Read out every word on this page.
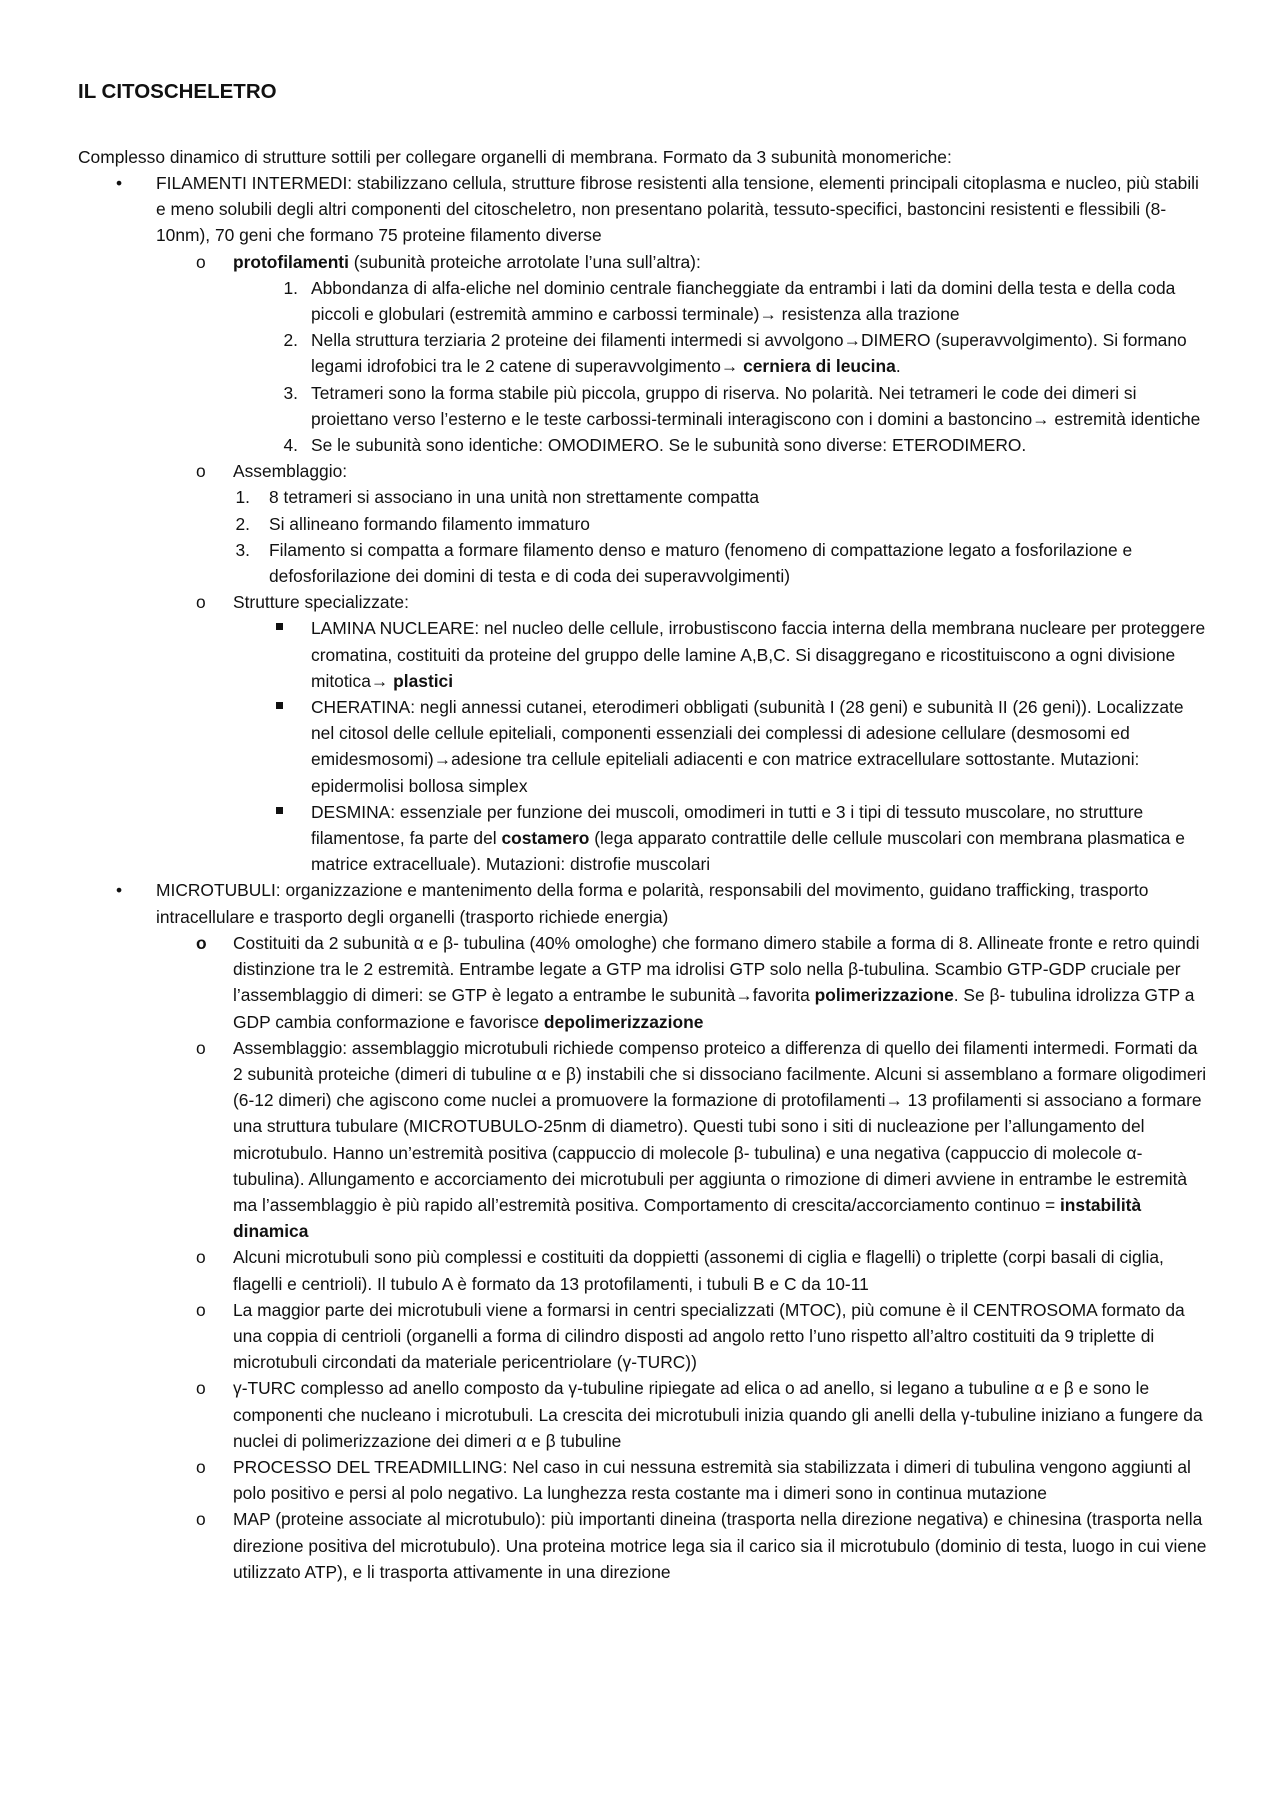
IL CITOSCHELETRO

Complesso dinamico di strutture sottili per collegare organelli di membrana. Formato da 3 subunità monomeriche:

• FILAMENTI INTERMEDI: stabilizzano cellula, strutture fibrose resistenti alla tensione, elementi principali citoplasma e nucleo, più stabili e meno solubili degli altri componenti del citoscheletro, non presentano polarità, tessuto-specifici, bastoncini resistenti e flessibili (8-10nm), 70 geni che formano 75 proteine filamento diverse

o protofilamenti (subunità proteiche arrotolate l’una sull’altra):

1. Abbondanza di alfa-eliche nel dominio centrale fiancheggiate da entrambi i lati da domini della testa e della coda piccoli e globulari (estremità ammino e carbossi terminale)→ resistenza alla trazione

2. Nella struttura terziaria 2 proteine dei filamenti intermedi si avvolgono→DIMERO (superavvolgimento). Si formano legami idrofobici tra le 2 catene di superavvolgimento→ cerniera di leucina.

3. Tetrameri sono la forma stabile più piccola, gruppo di riserva. No polarità. Nei tetrameri le code dei dimeri si proiettano verso l’esterno e le teste carbossi-terminali interagiscono con i domini a bastoncino→ estremità identiche

4. Se le subunità sono identiche: OMODIMERO. Se le subunità sono diverse: ETERODIMERO.

o Assemblaggio:

1. 8 tetrameri si associano in una unità non strettamente compatta

2. Si allineano formando filamento immaturo

3. Filamento si compatta a formare filamento denso e maturo (fenomeno di compattazione legato a fosforilazione e defosforilazione dei domini di testa e di coda dei superavvolgimenti)

o Strutture specializzate:

LAMINA NUCLEARE: nel nucleo delle cellule, irrobustiscono faccia interna della membrana nucleare per proteggere cromatina, costituiti da proteine del gruppo delle lamine A,B,C. Si disaggregano e ricostituiscono a ogni divisione mitotica→ plastici

CHERATINA: negli annessi cutanei, eterodimeri obbligati (subunità I (28 geni) e subunità II (26 geni)). Localizzate nel citosol delle cellule epiteliali, componenti essenziali dei complessi di adesione cellulare (desmosomi ed emidesmosomi)→adesione tra cellule epiteliali adiacenti e con matrice extracellulare sottostante. Mutazioni: epidermolisi bollosa simplex

DESMINA: essenziale per funzione dei muscoli, omodimeri in tutti e 3 i tipi di tessuto muscolare, no strutture filamentose, fa parte del costamero (lega apparato contrattile delle cellule muscolari con membrana plasmatica e matrice extracelluale). Mutazioni: distrofie muscolari

• MICROTUBULI: organizzazione e mantenimento della forma e polarità, responsabili del movimento, guidano trafficking, trasporto intracellulare e trasporto degli organelli (trasporto richiede energia)

o Costituiti da 2 subunità α e β- tubulina (40% omologhe) che formano dimero stabile a forma di 8. Allineate fronte e retro quindi distinzione tra le 2 estremità. Entrambe legate a GTP ma idrolisi GTP solo nella β-tubulina. Scambio GTP-GDP cruciale per l’assemblaggio di dimeri: se GTP è legato a entrambe le subunità→favorita polimerizzazione. Se β- tubulina idrolizza GTP a GDP cambia conformazione e favorisce depolimerizzazione

o Assemblaggio: assemblaggio microtubuli richiede compenso proteico a differenza di quello dei filamenti intermedi. Formati da 2 subunità proteiche (dimeri di tubuline α e β) instabili che si dissociano facilmente. Alcuni si assemblano a formare oligodimeri (6-12 dimeri) che agiscono come nuclei a promuovere la formazione di protofilamenti→ 13 profilamenti si associano a formare una struttura tubulare (MICROTUBULO-25nm di diametro). Questi tubi sono i siti di nucleazione per l’allungamento del microtubulo. Hanno un’estremità positiva (cappuccio di molecole β- tubulina) e una negativa (cappuccio di molecole α-tubulina). Allungamento e accorciamento dei microtubuli per aggiunta o rimozione di dimeri avviene in entrambe le estremità ma l’assemblaggio è più rapido all’estremità positiva. Comportamento di crescita/accorciamento continuo = instabilità dinamica

o Alcuni microtubuli sono più complessi e costituiti da doppietti (assonemi di ciglia e flagelli) o triplette (corpi basali di ciglia, flagelli e centrioli). Il tubulo A è formato da 13 protofilamenti, i tubuli B e C da 10-11

o La maggior parte dei microtubuli viene a formarsi in centri specializzati (MTOC), più comune è il CENTROSOMA formato da una coppia di centrioli (organelli a forma di cilindro disposti ad angolo retto l’uno rispetto all’altro costituiti da 9 triplette di microtubuli circondati da materiale pericentriolare (γ-TURC))

o γ-TURC complesso ad anello composto da γ-tubuline ripiegate ad elica o ad anello, si legano a tubuline α e β e sono le componenti che nucleano i microtubuli. La crescita dei microtubuli inizia quando gli anelli della γ-tubuline iniziano a fungere da nuclei di polimerizzazione dei dimeri α e β tubuline

o PROCESSO DEL TREADMILLING: Nel caso in cui nessuna estremità sia stabilizzata i dimeri di tubulina vengono aggiunti al polo positivo e persi al polo negativo. La lunghezza resta costante ma i dimeri sono in continua mutazione

o MAP (proteine associate al microtubulo): più importanti dineina (trasporta nella direzione negativa) e chinesina (trasporta nella direzione positiva del microtubulo). Una proteina motrice lega sia il carico sia il microtubulo (dominio di testa, luogo in cui viene utilizzato ATP), e li trasporta attivamente in una direzione
